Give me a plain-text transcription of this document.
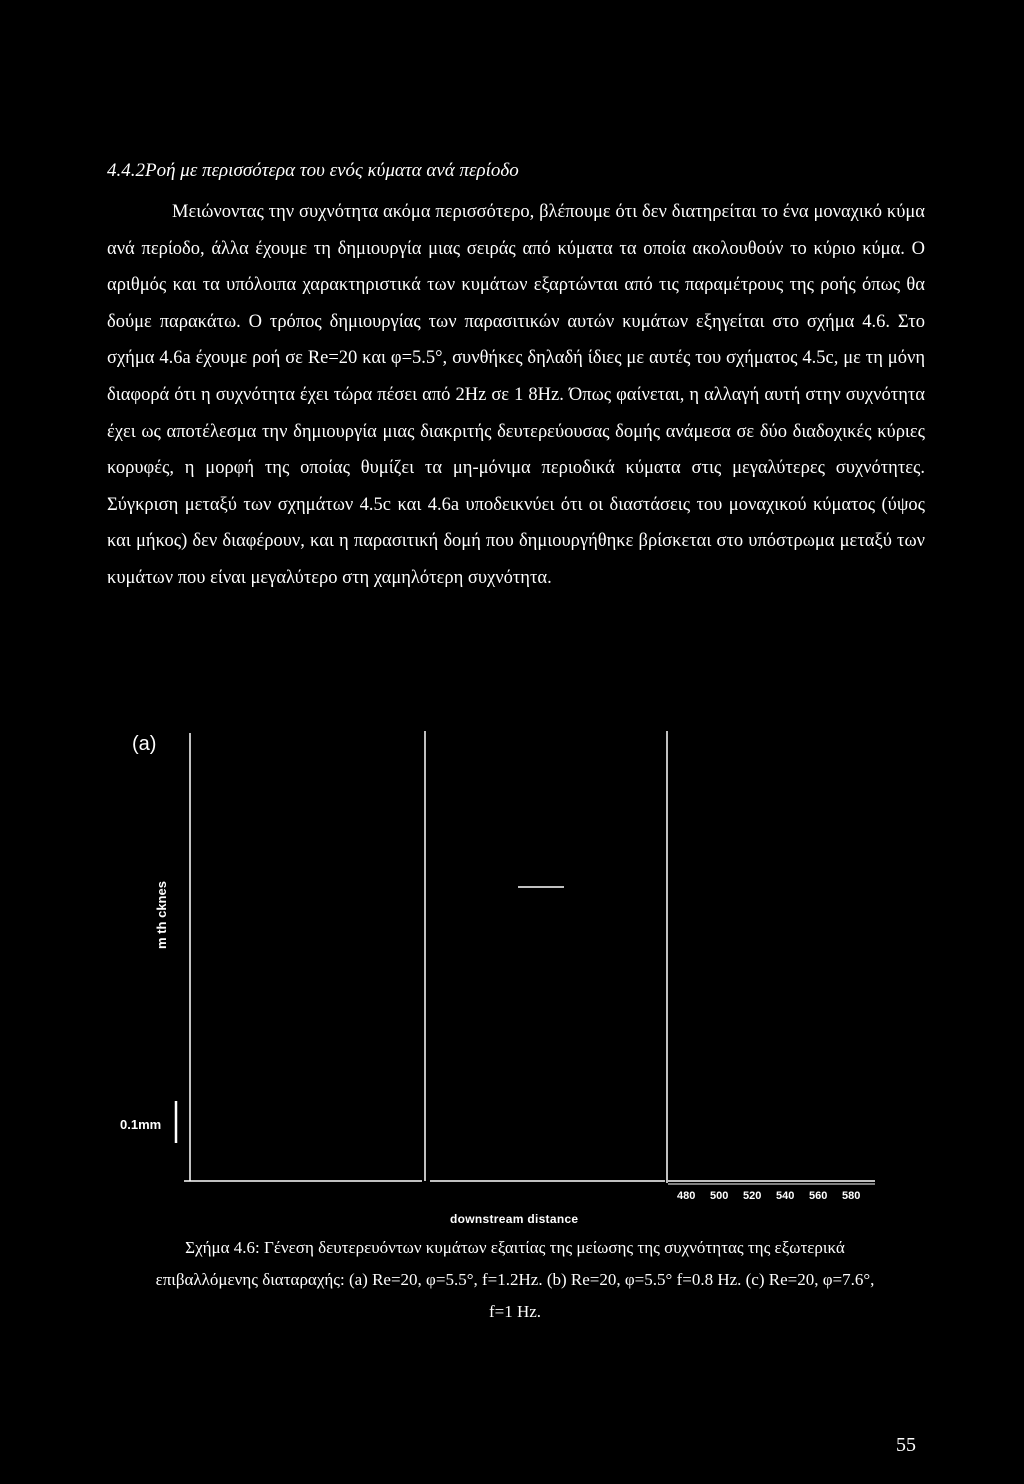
4.4.2Ροή με περισσότερα του ενός κύματα ανά περίοδο

Μειώνοντας την συχνότητα ακόμα περισσότερο, βλέπουμε ότι δεν διατηρείται το ένα μοναχικό κύμα ανά περίοδο, άλλα έχουμε τη δημιουργία μιας σειράς από κύματα τα οποία ακολουθούν το κύριο κύμα. Ο αριθμός και τα υπόλοιπα χαρακτηριστικά των κυμάτων εξαρτώνται από τις παραμέτρους της ροής όπως θα δούμε παρακάτω. Ο τρόπος δημιουργίας των παρασιτικών αυτών κυμάτων εξηγείται στο σχήμα 4.6. Στο σχήμα 4.6a έχουμε ροή σε Re=20 και φ=5.5°, συνθήκες δηλαδή ίδιες με αυτές του σχήματος 4.5c, με τη μόνη διαφορά ότι η συχνότητα έχει τώρα πέσει από 2Hz σε 1 8Hz. Όπως φαίνεται, η αλλαγή αυτή στην συχνότητα έχει ως αποτέλεσμα την δημιουργία μιας διακριτής δευτερεύουσας δομής ανάμεσα σε δύο διαδοχικές κύριες κορυφές, η μορφή της οποίας θυμίζει τα μη-μόνιμα περιοδικά κύματα στις μεγαλύτερες συχνότητες. Σύγκριση μεταξύ των σχημάτων 4.5c και 4.6a υποδεικνύει ότι οι διαστάσεις του μοναχικού κύματος (ύψος και μήκος) δεν διαφέρουν, και η παρασιτική δομή που δημιουργήθηκε βρίσκεται στο υπόστρωμα μεταξύ των κυμάτων που είναι μεγαλύτερο στη χαμηλότερη συχνότητα.

(a)
m th cknes
0.1mm
480 500 520 540 560 580
downstream distance
Σχήμα 4.6: Γένεση δευτερευόντων κυμάτων εξαιτίας της μείωσης της συχνότητας της εξωτερικά
επιβαλλόμενης διαταραχής: (a) Re=20, φ=5.5°, f=1.2Hz. (b) Re=20, φ=5.5° f=0.8 Hz. (c) Re=20, φ=7.6°,
f=1 Hz.
55
